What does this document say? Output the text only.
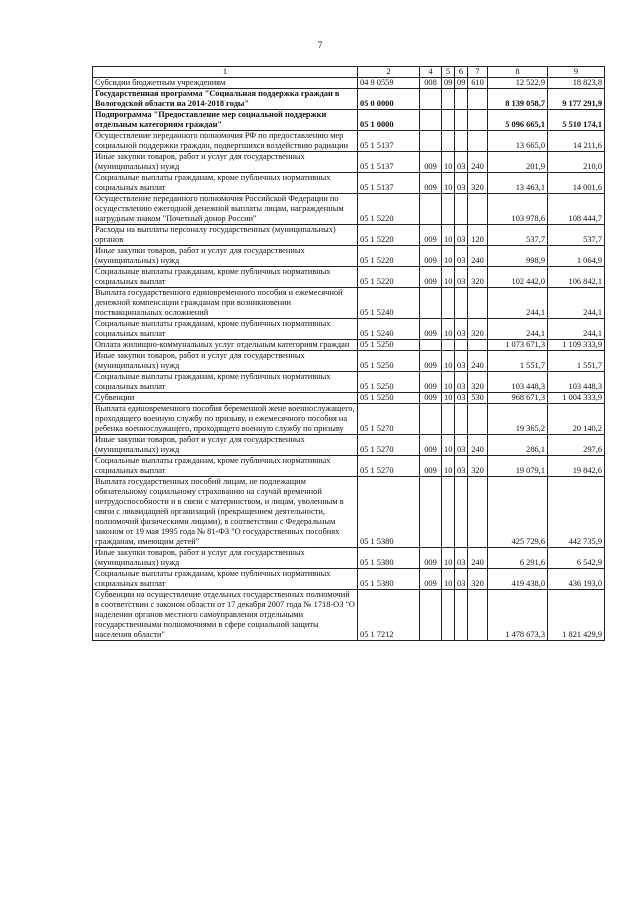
7
1	2	4	5	6	7	8	9
Субсидии бюджетным учреждениям	04 9 0559	008	09	09	610	12 522,9	18 823,8
Государственная программа "Социальная поддержка граждан в Вологодской области на 2014-2018 годы"	05 0 0000					8 139 058,7	9 177 291,9
Подпрограмма "Предоставление мер социальной поддержки отдельным категориям граждан"	05 1 0000					5 096 665,1	5 510 174,1
Осуществление переданного полномочия РФ по предоставлению мер социальной поддержки граждан, подвергшихся воздействию радиации	05 1 5137					13 665,0	14 211,6
Иные закупки товаров, работ и услуг для государственных (муниципальных) нужд	05 1 5137	009	10	03	240	201,9	210,0
Социальные выплаты гражданам, кроме публичных нормативных социальных выплат	05 1 5137	009	10	03	320	13 463,1	14 001,6
Осуществление переданного полномочия Российской Федерации по осуществлению ежегодной денежной выплаты лицам, награжденным нагрудным знаком "Почетный донор России"	05 1 5220					103 978,6	108 444,7
Расходы на выплаты персоналу государственных (муниципальных) органов	05 1 5220	009	10	03	120	537,7	537,7
Иные закупки товаров, работ и услуг для государственных (муниципальных) нужд	05 1 5220	009	10	03	240	998,9	1 064,9
Социальные выплаты гражданам, кроме публичных нормативных социальных выплат	05 1 5220	009	10	03	320	102 442,0	106 842,1
Выплата государственного единовременного пособия и ежемесячной денежной компенсации гражданам при возникновении поствакцинальных осложнений	05 1 5240					244,1	244,1
Социальные выплаты гражданам, кроме публичных нормативных социальных выплат	05 1 5240	009	10	03	320	244,1	244,1
Оплата жилищно-коммунальных услуг отдельным категориям граждан	05 1 5250					1 073 671,3	1 109 333,9
Иные закупки товаров, работ и услуг для государственных (муниципальных) нужд	05 1 5250	009	10	03	240	1 551,7	1 551,7
Социальные выплаты гражданам, кроме публичных нормативных социальных выплат	05 1 5250	009	10	03	320	103 448,3	103 448,3
Субвенции	05 1 5250	009	10	03	530	968 671,3	1 004 333,9
Выплата единовременного пособия беременной жене военнослужащего, проходящего военную службу по призыву, и ежемесячного пособия на ребенка военнослужащего, проходящего военную службу по призыву	05 1 5270					19 365,2	20 140,2
Иные закупки товаров, работ и услуг для государственных (муниципальных) нужд	05 1 5270	009	10	03	240	286,1	297,6
Социальные выплаты гражданам, кроме публичных нормативных социальных выплат	05 1 5270	009	10	03	320	19 079,1	19 842,6
Выплата государственных пособий лицам, не подлежащим обязательному социальному страхованию на случай временной нетрудоспособности и в связи с материнством, и лицам, уволенным в связи с ликвидацией организаций (прекращением деятельности, полномочий физическими лицами), в соответствии с Федеральным законом от 19 мая 1995 года № 81-ФЗ "О государственных пособиях гражданам, имеющим детей"	05 1 5380					425 729,6	442 735,9
Иные закупки товаров, работ и услуг для государственных (муниципальных) нужд	05 1 5380	009	10	03	240	6 291,6	6 542,9
Социальные выплаты гражданам, кроме публичных нормативных социальных выплат	05 1 5380	009	10	03	320	419 438,0	436 193,0
Субвенции на осуществление отдельных государственных полномочий в соответствии с законом области от 17 декабря 2007 года № 1718-ОЗ "О наделении органов местного самоуправления отдельными государственными полномочиями в сфере социальной защиты населения области"	05 1 7212					1 478 673,3	1 821 429,9
